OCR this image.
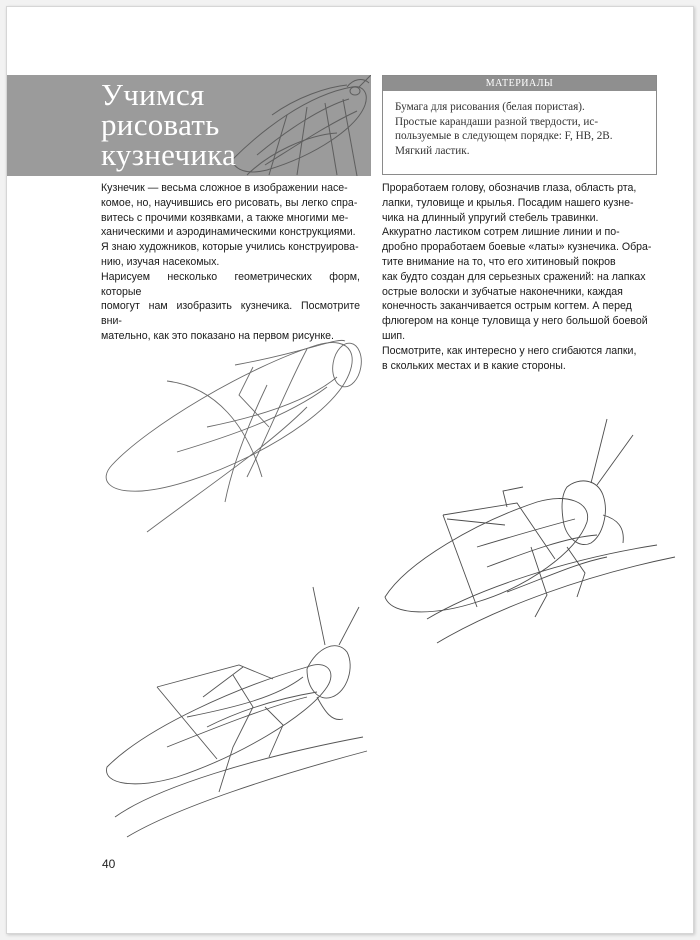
Учимся
рисовать
кузнечика
МАТЕРИАЛЫ

Бумага для рисования (белая пористая).

Простые карандаши разной твердости, ис-

пользуемые в следующем порядке: F, HB, 2B.

Мягкий ластик.

Кузнечик — весьма сложное в изображении насе-

комое, но, научившись его рисовать, вы легко спра-

витесь с прочими козявками, а также многими ме-

ханическими и аэродинамическими конструкциями.

Я знаю художников, которые учились конструирова-

нию, изучая насекомых.

Нарисуем несколько геометрических форм, которые

помогут нам изобразить кузнечика. Посмотрите вни-

мательно, как это показано на первом рисунке.

Проработаем голову, обозначив глаза, область рта,

лапки, туловище и крылья. Посадим нашего кузне-

чика на длинный упругий стебель травинки.

Аккуратно ластиком сотрем лишние линии и по-

дробно проработаем боевые «латы» кузнечика. Обра-

тите внимание на то, что его хитиновый покров

как будто создан для серьезных сражений: на лапках

острые волоски и зубчатые наконечники, каждая

конечность заканчивается острым когтем. А перед

флюгером на конце туловища у него большой боевой

шип.

Посмотрите, как интересно у него сгибаются лапки,

в скольких местах и в какие стороны.

40
